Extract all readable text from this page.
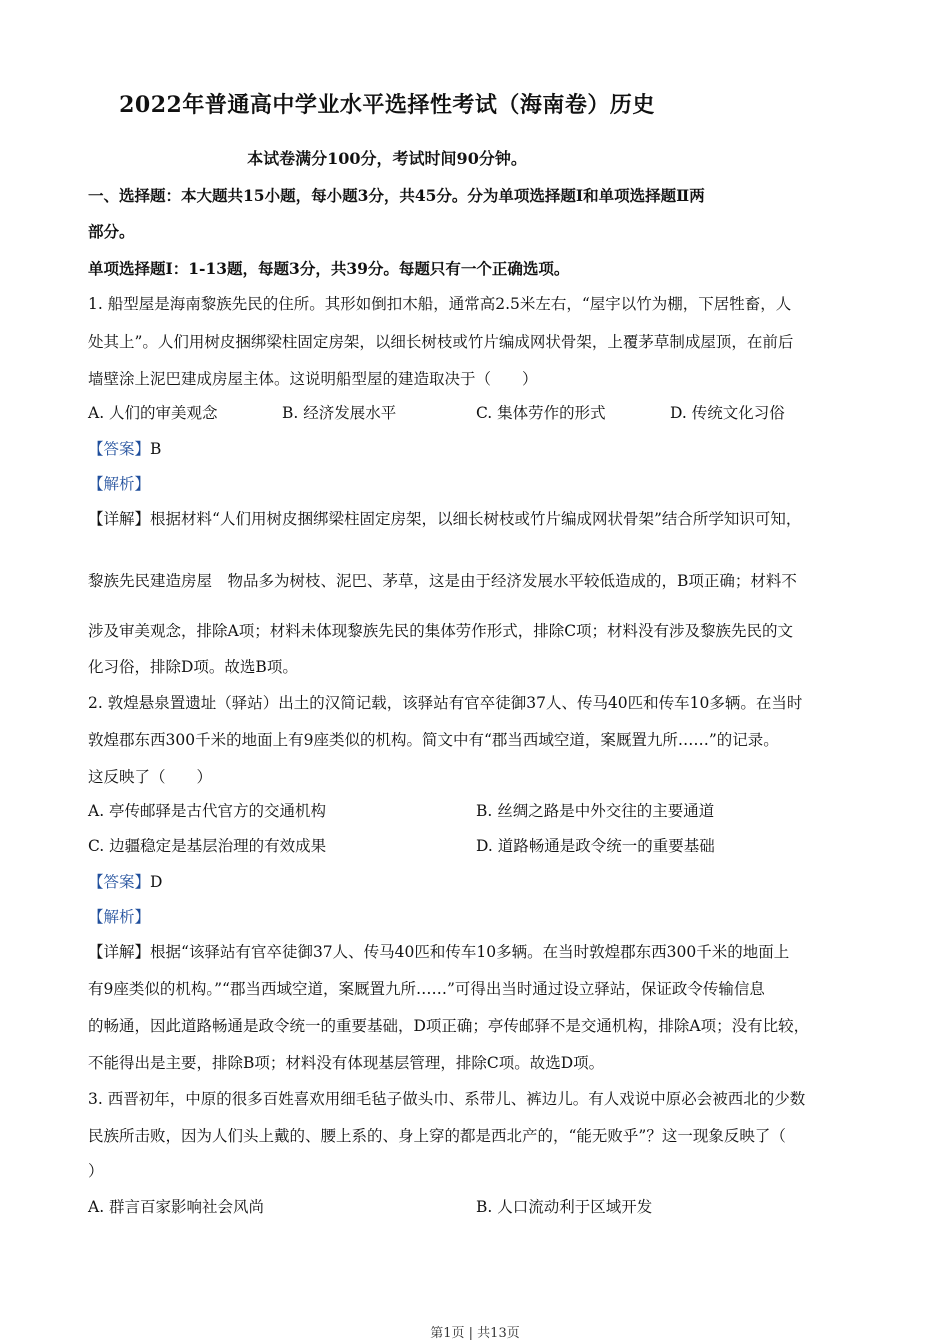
2022年普通高中学业水平选择性考试（海南卷）历史
本试卷满分100分，考试时间90分钟。
一、选择题：本大题共15小题，每小题3分，共45分。分为单项选择题Ⅰ和单项选择题Ⅱ两
部分。
单项选择题Ⅰ：1-13题，每题3分，共39分。每题只有一个正确选项。
1. 船型屋是海南黎族先民的住所。其形如倒扣木船，通常高2.5米左右，“屋宇以竹为棚，下居牲畜，人
处其上”。人们用树皮捆绑梁柱固定房架，以细长树枝或竹片编成网状骨架，上覆茅草制成屋顶，在前后
墙壁涂上泥巴建成房屋主体。这说明船型屋的建造取决于（　　）
A. 人们的审美观念	B. 经济发展水平	C. 集体劳作的形式	D. 传统文化习俗
【答案】B
【解析】
【详解】根据材料“人们用树皮捆绑梁柱固定房架，以细长树枝或竹片编成网状骨架”结合所学知识可知，
黎族先民建造房屋　物品多为树枝、泥巴、茅草，这是由于经济发展水平较低造成的，B项正确；材料不
涉及审美观念，排除A项；材料未体现黎族先民的集体劳作形式，排除C项；材料没有涉及黎族先民的文
化习俗，排除D项。故选B项。
2. 敦煌悬泉置遗址（驿站）出土的汉简记载，该驿站有官卒徒御37人、传马40匹和传车10多辆。在当时
敦煌郡东西300千米的地面上有9座类似的机构。简文中有“郡当西域空道，案厩置九所……”的记录。
这反映了（　　）
A. 亭传邮驿是古代官方的交通机构	B. 丝绸之路是中外交往的主要通道
C. 边疆稳定是基层治理的有效成果	D. 道路畅通是政令统一的重要基础
【答案】D
【解析】
【详解】根据“该驿站有官卒徒御37人、传马40匹和传车10多辆。在当时敦煌郡东西300千米的地面上
有9座类似的机构。”“郡当西域空道，案厩置九所……”可得出当时通过设立驿站，保证政令传输信息
的畅通，因此道路畅通是政令统一的重要基础，D项正确；亭传邮驿不是交通机构，排除A项；没有比较，
不能得出是主要，排除B项；材料没有体现基层管理，排除C项。故选D项。
3. 西晋初年，中原的很多百姓喜欢用细毛毡子做头巾、系带儿、裤边儿。有人戏说中原必会被西北的少数
民族所击败，因为人们头上戴的、腰上系的、身上穿的都是西北产的，“能无败乎”？这一现象反映了（
）
A. 群言百家影响社会风尚	B. 人口流动利于区域开发
第1页 | 共13页
